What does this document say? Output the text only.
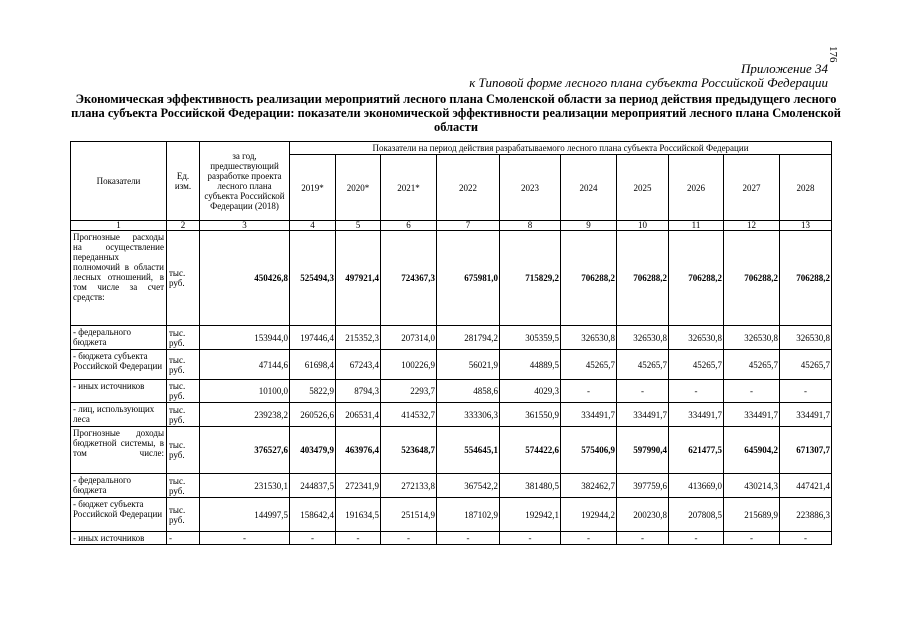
176
Приложение 34
к Типовой форме лесного плана субъекта Российской Федерации
Экономическая эффективность реализации мероприятий лесного плана Смоленской области за период действия предыдущего лесного плана субъекта Российской Федерации: показатели экономической эффективности реализации мероприятий лесного плана Смоленской области
Показатели	Ед. изм.	за год, предшествующий разработке проекта лесного плана субъекта Российской Федерации (2018)	Показатели на период действия разрабатываемого лесного плана субъекта Российской Федерации									
			2019*	2020*	2021*	2022	2023	2024	2025	2026	2027	2028
1	2	3	4	5	6	7	8	9	10	11	12	13
Прогнозные расходы на осуществление переданных полномочий в области лесных отношений, в том числе за счет средств:	тыс. руб.	450426,8	525494,3	497921,4	724367,3	675981,0	715829,2	706288,2	706288,2	706288,2	706288,2	706288,2
- федерального бюджета	тыс. руб.	153944,0	197446,4	215352,3	207314,0	281794,2	305359,5	326530,8	326530,8	326530,8	326530,8	326530,8
- бюджета субъекта Российской Федерации	тыс. руб.	47144,6	61698,4	67243,4	100226,9	56021,9	44889,5	45265,7	45265,7	45265,7	45265,7	45265,7
- иных источников	тыс. руб.	10100,0	5822,9	8794,3	2293,7	4858,6	4029,3	-	-	-	-	-
- лиц, использующих леса	тыс. руб.	239238,2	260526,6	206531,4	414532,7	333306,3	361550,9	334491,7	334491,7	334491,7	334491,7	334491,7
Прогнозные доходы бюджетной системы, в том числе:	тыс. руб.	376527,6	403479,9	463976,4	523648,7	554645,1	574422,6	575406,9	597990,4	621477,5	645904,2	671307,7
- федерального бюджета	тыс. руб.	231530,1	244837,5	272341,9	272133,8	367542,2	381480,5	382462,7	397759,6	413669,0	430214,3	447421,4
- бюджет субъекта Российской Федерации	тыс. руб.	144997,5	158642,4	191634,5	251514,9	187102,9	192942,1	192944,2	200230,8	207808,5	215689,9	223886,3
- иных источников	-	-	-	-	-	-	-	-	-	-	-	-
